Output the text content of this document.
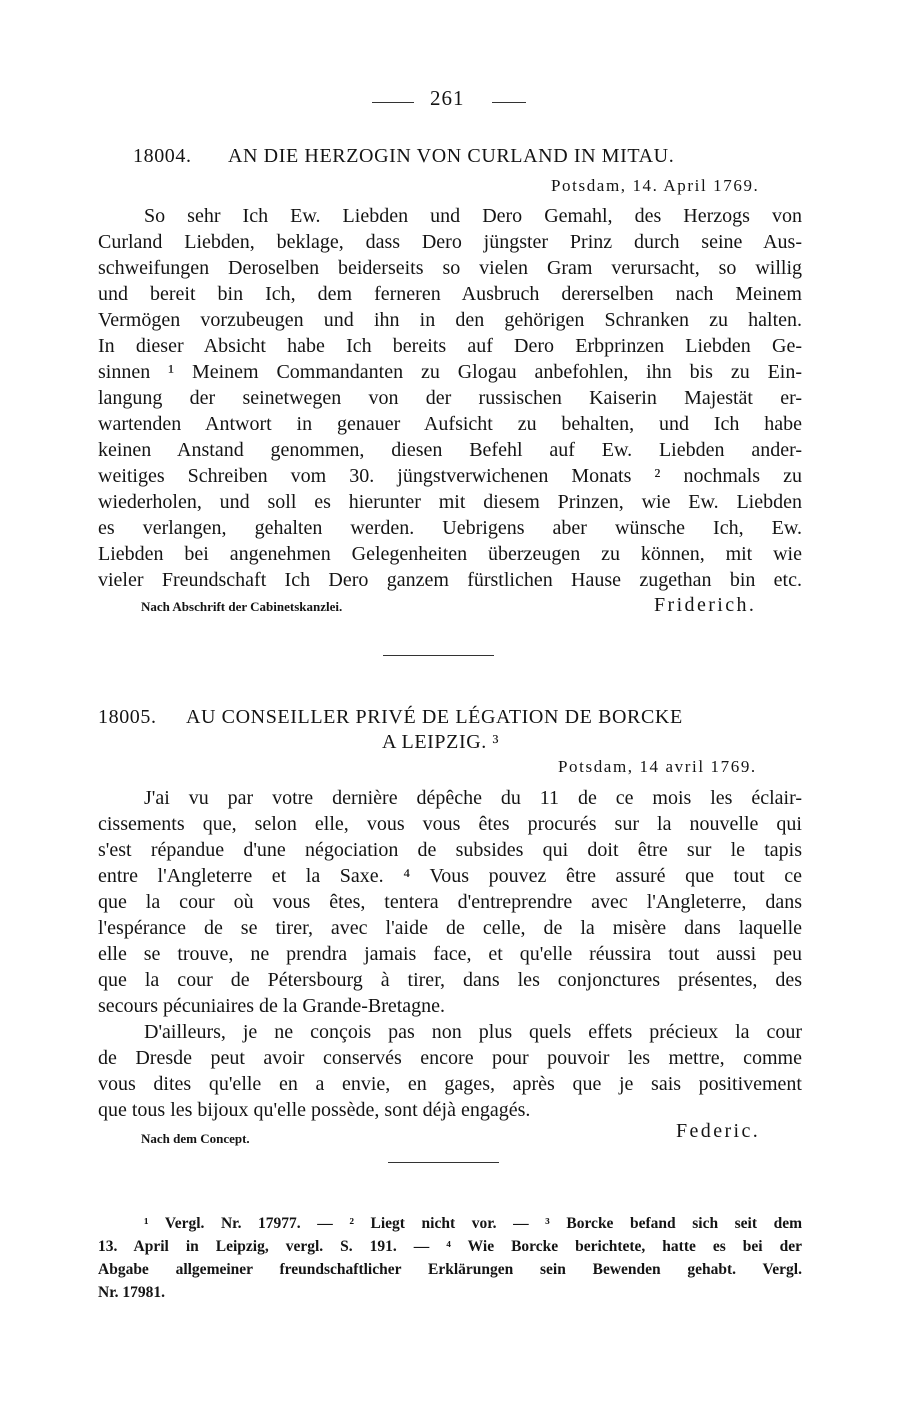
261
18004. AN DIE HERZOGIN VON CURLAND IN MITAU.
Potsdam, 14. April 1769.
So sehr Ich Ew. Liebden und Dero Gemahl, des Herzogs von
Curland Liebden, beklage, dass Dero jüngster Prinz durch seine Aus-
schweifungen Deroselben beiderseits so vielen Gram verursacht, so willig
und bereit bin Ich, dem ferneren Ausbruch dererselben nach Meinem
Vermögen vorzubeugen und ihn in den gehörigen Schranken zu halten.
In dieser Absicht habe Ich bereits auf Dero Erbprinzen Liebden Ge-
sinnen ¹ Meinem Commandanten zu Glogau anbefohlen, ihn bis zu Ein-
langung der seinetwegen von der russischen Kaiserin Majestät er-
wartenden Antwort in genauer Aufsicht zu behalten, und Ich habe
keinen Anstand genommen, diesen Befehl auf Ew. Liebden ander-
weitiges Schreiben vom 30. jüngstverwichenen Monats ² nochmals zu
wiederholen, und soll es hierunter mit diesem Prinzen, wie Ew. Liebden
es verlangen, gehalten werden. Uebrigens aber wünsche Ich, Ew.
Liebden bei angenehmen Gelegenheiten überzeugen zu können, mit wie
vieler Freundschaft Ich Dero ganzem fürstlichen Hause zugethan bin etc.
Nach Abschrift der Cabinetskanzlei.	Friderich.
18005. AU CONSEILLER PRIVÉ DE LÉGATION DE BORCKE
A LEIPZIG. ³
Potsdam, 14 avril 1769.
J'ai vu par votre dernière dépêche du 11 de ce mois les éclair-
cissements que, selon elle, vous vous êtes procurés sur la nouvelle qui
s'est répandue d'une négociation de subsides qui doit être sur le tapis
entre l'Angleterre et la Saxe. ⁴ Vous pouvez être assuré que tout ce
que la cour où vous êtes, tentera d'entreprendre avec l'Angleterre, dans
l'espérance de se tirer, avec l'aide de celle, de la misère dans laquelle
elle se trouve, ne prendra jamais face, et qu'elle réussira tout aussi peu
que la cour de Pétersbourg à tirer, dans les conjonctures présentes, des
secours pécuniaires de la Grande-Bretagne.
D'ailleurs, je ne conçois pas non plus quels effets précieux la cour
de Dresde peut avoir conservés encore pour pouvoir les mettre, comme
vous dites qu'elle en a envie, en gages, après que je sais positivement
que tous les bijoux qu'elle possède, sont déjà engagés.
Nach dem Concept.	Federic.
¹ Vergl. Nr. 17977. — ² Liegt nicht vor. — ³ Borcke befand sich seit dem
13. April in Leipzig, vergl. S. 191. — ⁴ Wie Borcke berichtete, hatte es bei der
Abgabe allgemeiner freundschaftlicher Erklärungen sein Bewenden gehabt. Vergl.
Nr. 17981.
